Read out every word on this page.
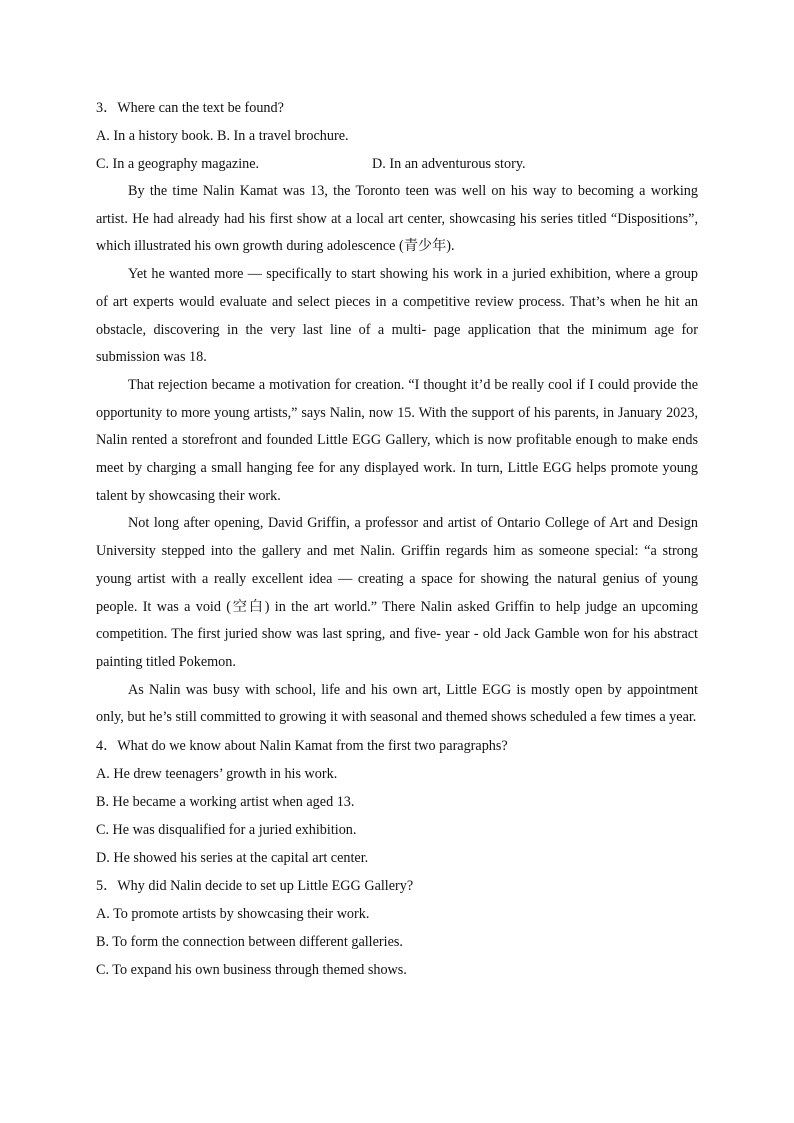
3．Where can the text be found?
A. In a history book.
B. In a travel brochure.
C. In a geography magazine.	D. In an adventurous story.

By the time Nalin Kamat was 13, the Toronto teen was well on his way to becoming a working artist. He had already had his first show at a local art center, showcasing his series titled “Dispositions”, which illustrated his own growth during adolescence (青少年).

Yet he wanted more — specifically to start showing his work in a juried exhibition, where a group of art experts would evaluate and select pieces in a competitive review process. That’s when he hit an obstacle, discovering in the very last line of a multi- page application that the minimum age for submission was 18.

That rejection became a motivation for creation. “I thought it’d be really cool if I could provide the opportunity to more young artists,” says Nalin, now 15. With the support of his parents, in January 2023, Nalin rented a storefront and founded Little EGG Gallery, which is now profitable enough to make ends meet by charging a small hanging fee for any displayed work. In turn, Little EGG helps promote young talent by showcasing their work.

Not long after opening, David Griffin, a professor and artist of Ontario College of Art and Design University stepped into the gallery and met Nalin. Griffin regards him as someone special: “a strong young artist with a really excellent idea — creating a space for showing the natural genius of young people. It was a void (空白) in the art world.” There Nalin asked Griffin to help judge an upcoming competition. The first juried show was last spring, and five- year - old Jack Gamble won for his abstract painting titled Pokemon.

As Nalin was busy with school, life and his own art, Little EGG is mostly open by appointment only, but he’s still committed to growing it with seasonal and themed shows scheduled a few times a year.

4．What do we know about Nalin Kamat from the first two paragraphs?
A. He drew teenagers’ growth in his work.
B. He became a working artist when aged 13.
C. He was disqualified for a juried exhibition.
D. He showed his series at the capital art center.
5．Why did Nalin decide to set up Little EGG Gallery?
A. To promote artists by showcasing their work.
B. To form the connection between different galleries.
C. To expand his own business through themed shows.
